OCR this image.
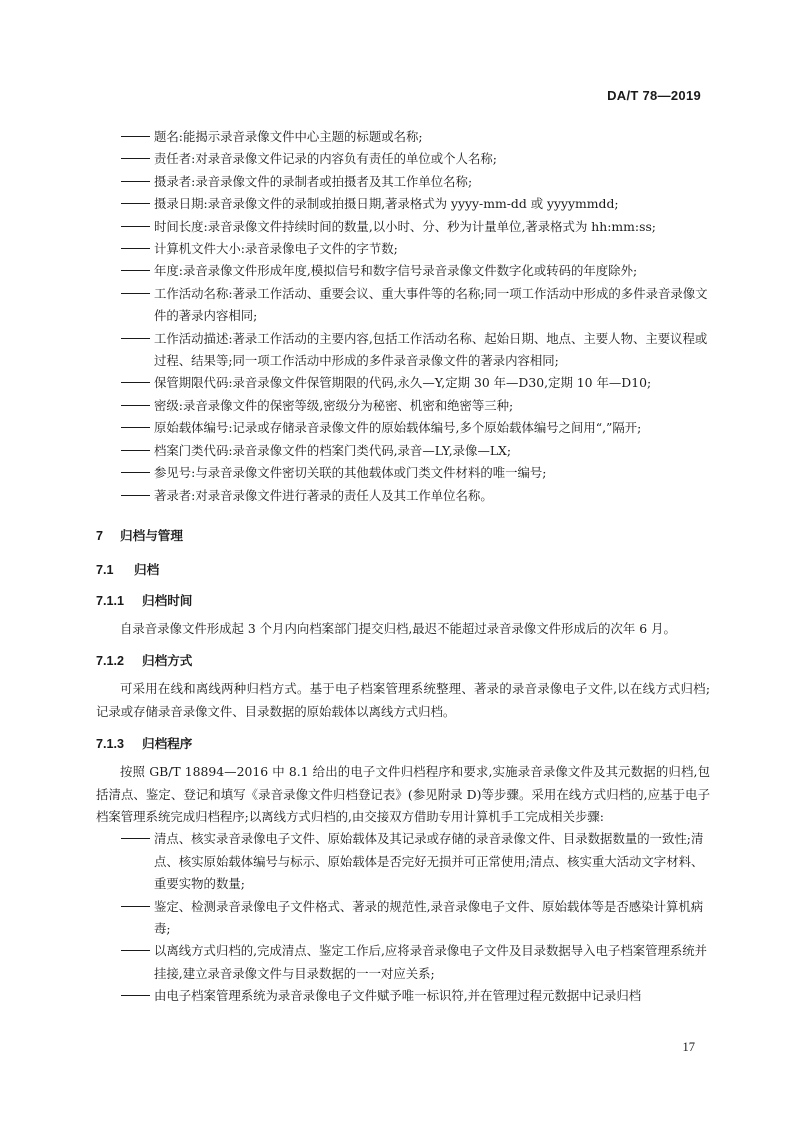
DA/T 78—2019
题名:能揭示录音录像文件中心主题的标题或名称;
责任者:对录音录像文件记录的内容负有责任的单位或个人名称;
摄录者:录音录像文件的录制者或拍摄者及其工作单位名称;
摄录日期:录音录像文件的录制或拍摄日期,著录格式为 yyyy-mm-dd 或 yyyymmdd;
时间长度:录音录像文件持续时间的数量,以小时、分、秒为计量单位,著录格式为 hh:mm:ss;
计算机文件大小:录音录像电子文件的字节数;
年度:录音录像文件形成年度,模拟信号和数字信号录音录像文件数字化或转码的年度除外;
工作活动名称:著录工作活动、重要会议、重大事件等的名称;同一项工作活动中形成的多件录音录像文件的著录内容相同;
工作活动描述:著录工作活动的主要内容,包括工作活动名称、起始日期、地点、主要人物、主要议程或过程、结果等;同一项工作活动中形成的多件录音录像文件的著录内容相同;
保管期限代码:录音录像文件保管期限的代码,永久—Y,定期 30 年—D30,定期 10 年—D10;
密级:录音录像文件的保密等级,密级分为秘密、机密和绝密等三种;
原始载体编号:记录或存储录音录像文件的原始载体编号,多个原始载体编号之间用“,”隔开;
档案门类代码:录音录像文件的档案门类代码,录音—LY,录像—LX;
参见号:与录音录像文件密切关联的其他载体或门类文件材料的唯一编号;
著录者:对录音录像文件进行著录的责任人及其工作单位名称。
7 归档与管理
7.1 归档
7.1.1 归档时间
自录音录像文件形成起 3 个月内向档案部门提交归档,最迟不能超过录音录像文件形成后的次年 6 月。
7.1.2 归档方式
可采用在线和离线两种归档方式。基于电子档案管理系统整理、著录的录音录像电子文件,以在线方式归档;记录或存储录音录像文件、目录数据的原始载体以离线方式归档。
7.1.3 归档程序
按照 GB/T 18894—2016 中 8.1 给出的电子文件归档程序和要求,实施录音录像文件及其元数据的归档,包括清点、鉴定、登记和填写《录音录像文件归档登记表》(参见附录 D)等步骤。采用在线方式归档的,应基于电子档案管理系统完成归档程序;以离线方式归档的,由交接双方借助专用计算机手工完成相关步骤:
清点、核实录音录像电子文件、原始载体及其记录或存储的录音录像文件、目录数据数量的一致性;清点、核实原始载体编号与标示、原始载体是否完好无损并可正常使用;清点、核实重大活动文字材料、重要实物的数量;
鉴定、检测录音录像电子文件格式、著录的规范性,录音录像电子文件、原始载体等是否感染计算机病毒;
以离线方式归档的,完成清点、鉴定工作后,应将录音录像电子文件及目录数据导入电子档案管理系统并挂接,建立录音录像文件与目录数据的一一对应关系;
由电子档案管理系统为录音录像电子文件赋予唯一标识符,并在管理过程元数据中记录归档
17
